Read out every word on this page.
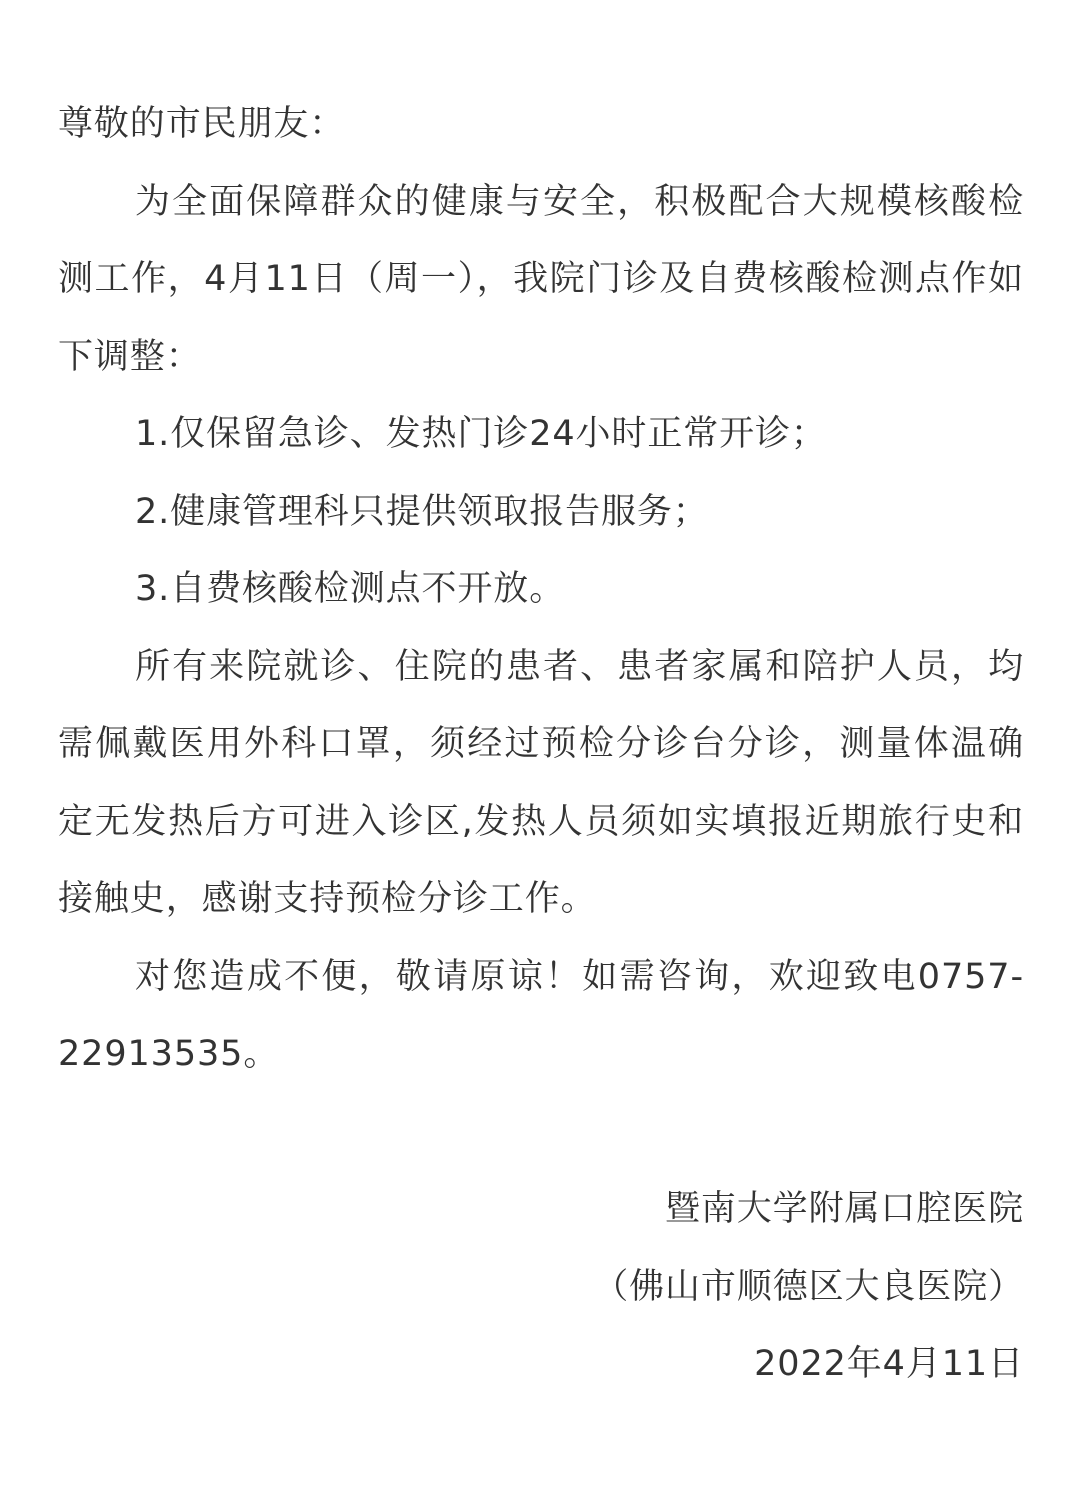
尊敬的市民朋友：

为全面保障群众的健康与安全，积极配合大规模核酸检测工作，4月11日（周一），我院门诊及自费核酸检测点作如下调整：

1.仅保留急诊、发热门诊24小时正常开诊；

2.健康管理科只提供领取报告服务；

3.自费核酸检测点不开放。

所有来院就诊、住院的患者、患者家属和陪护人员，均需佩戴医用外科口罩，须经过预检分诊台分诊，测量体温确定无发热后方可进入诊区,发热人员须如实填报近期旅行史和接触史，感谢支持预检分诊工作。

对您造成不便，敬请原谅！如需咨询，欢迎致电0757-22913535。

暨南大学附属口腔医院

（佛山市顺德区大良医院）

2022年4月11日
